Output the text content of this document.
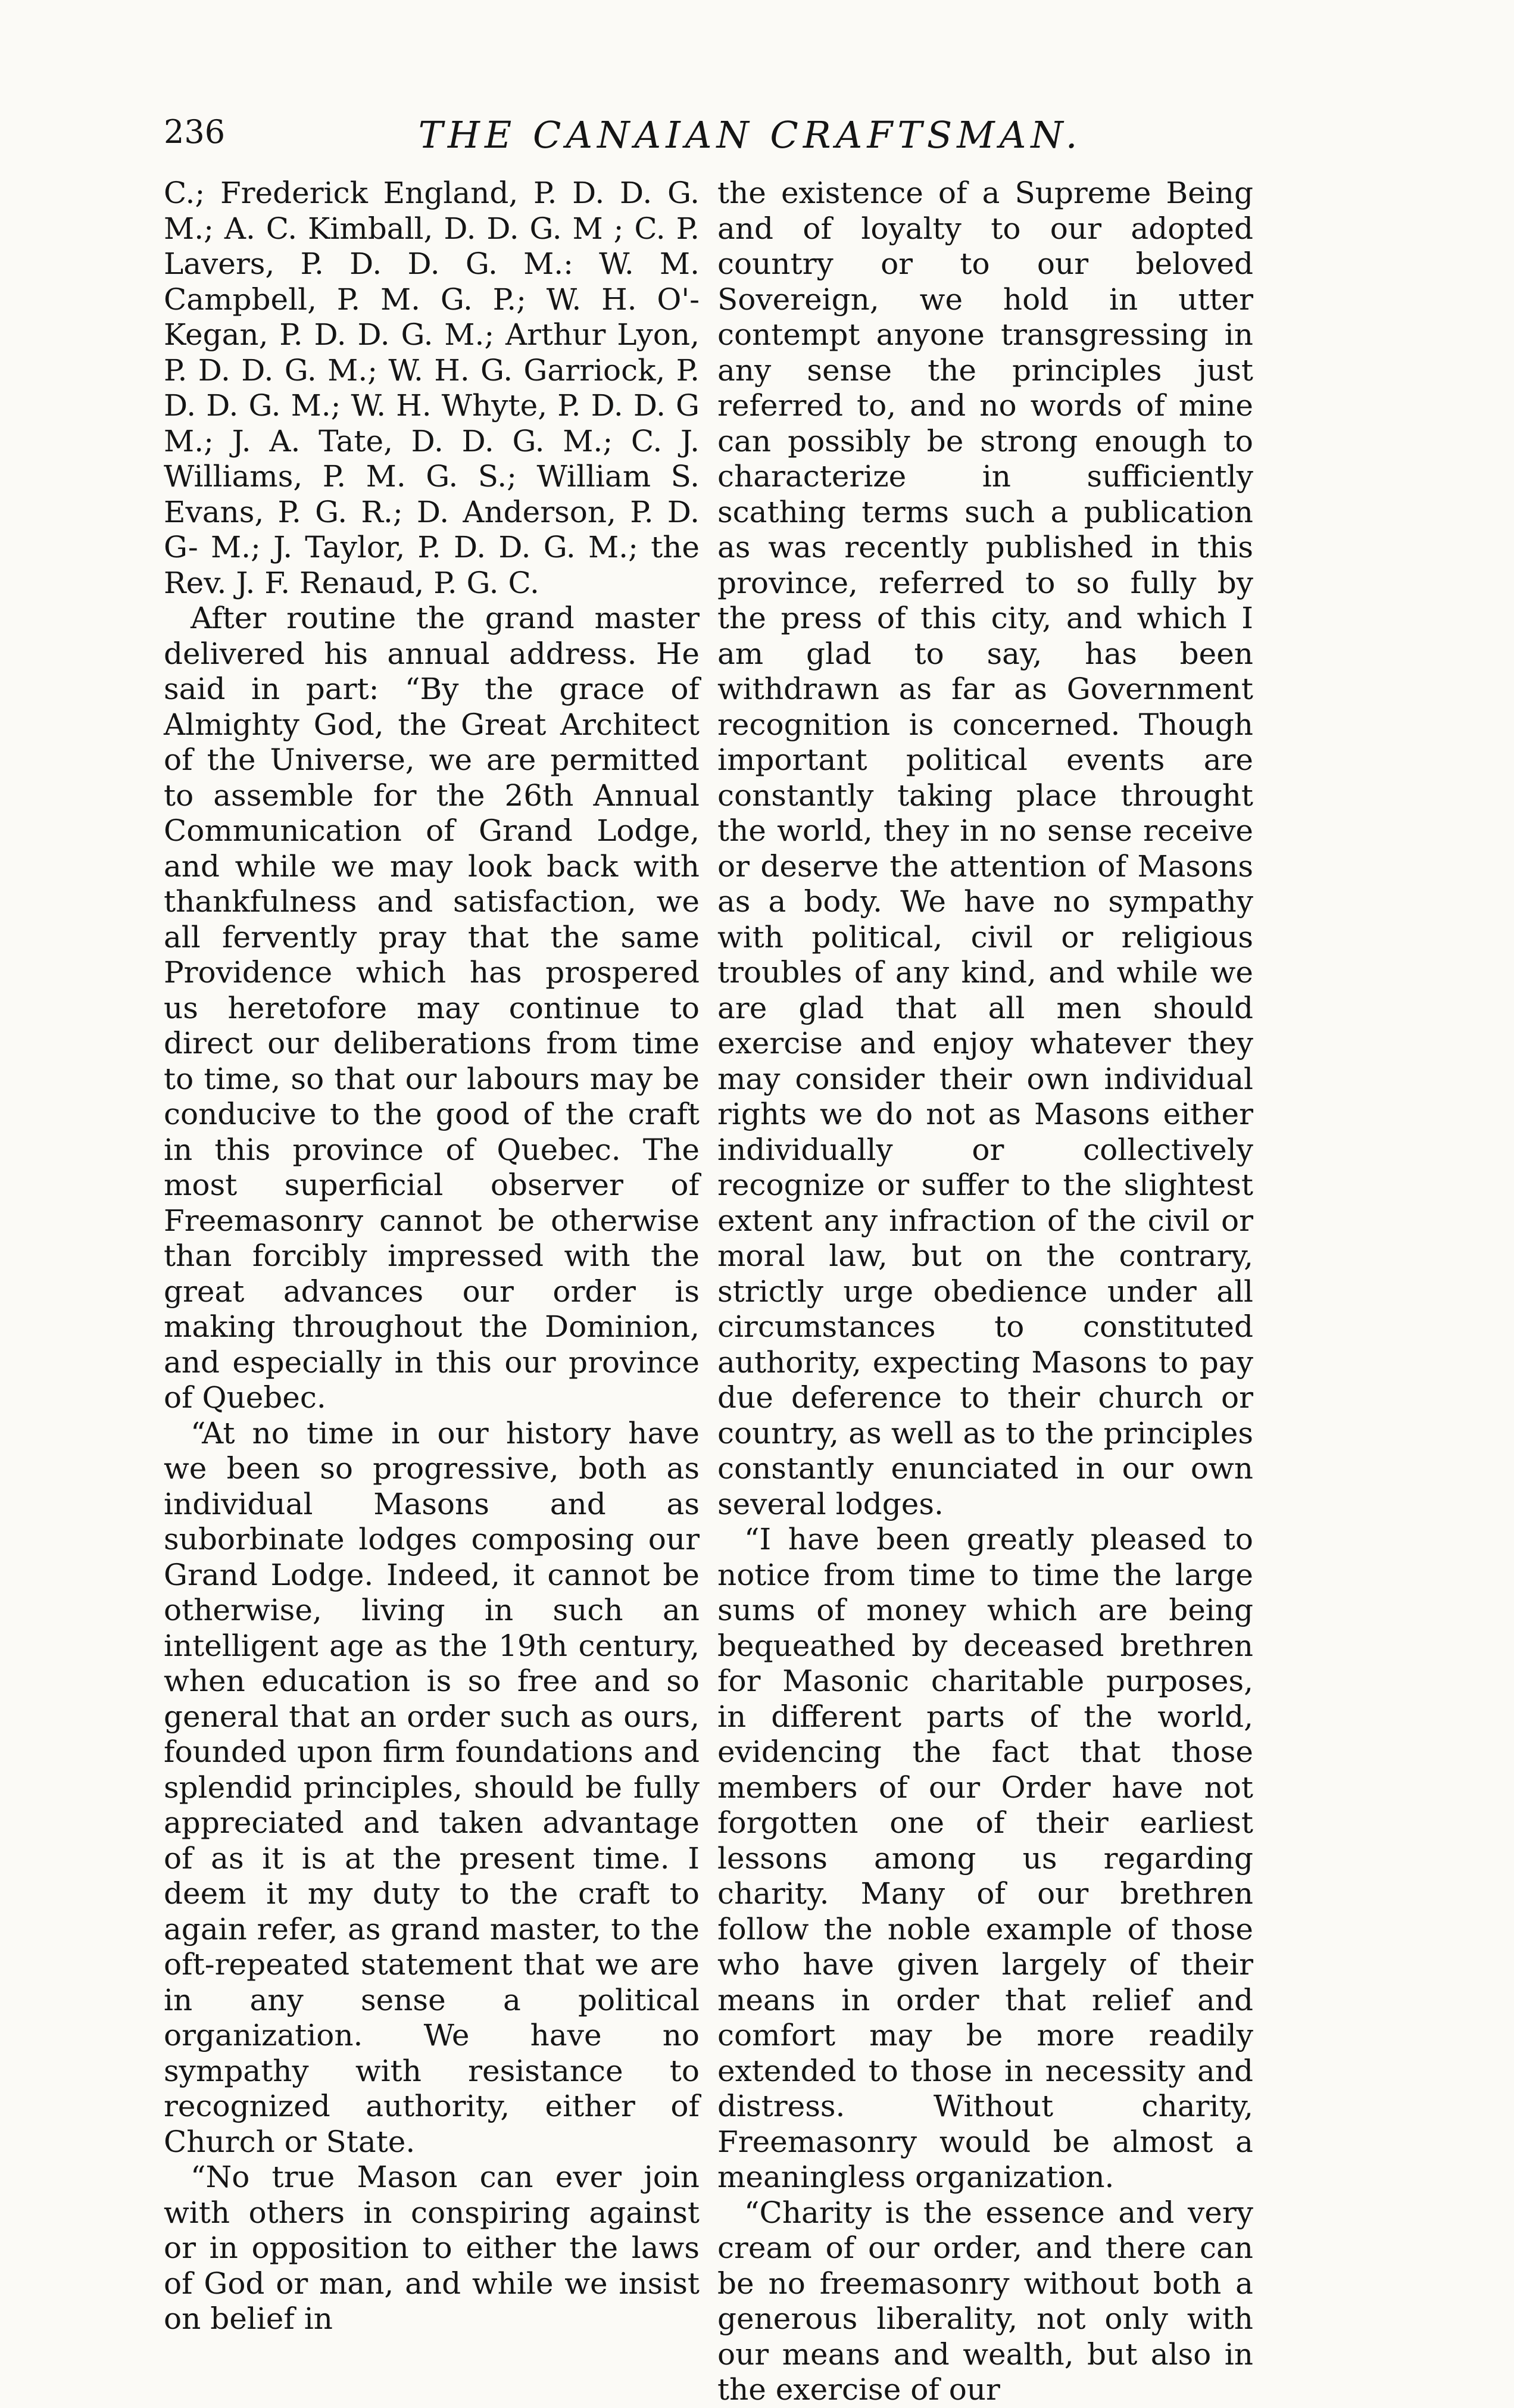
236	THE CANAIAN CRAFTSMAN.

C.; Frederick England, P. D. D. G. M.; A. C. Kimball, D. D. G. M ; C. P. Lavers, P. D. D. G. M.: W. M. Campbell, P. M. G. P.; W. H. O'-Kegan, P. D. D. G. M.; Arthur Lyon, P. D. D. G. M.; W. H. G. Garriock, P. D. D. G. M.; W. H. Whyte, P. D. D. G M.; J. A. Tate, D. D. G. M.; C. J. Williams, P. M. G. S.; William S. Evans, P. G. R.; D. Anderson, P. D. G- M.; J. Taylor, P. D. D. G. M.; the Rev. J. F. Renaud, P. G. C.

After routine the grand master delivered his annual address. He said in part: “By the grace of Almighty God, the Great Architect of the Universe, we are permitted to assemble for the 26th Annual Communication of Grand Lodge, and while we may look back with thankfulness and satisfaction, we all fervently pray that the same Providence which has prospered us heretofore may continue to direct our deliberations from time to time, so that our labours may be conducive to the good of the craft in this province of Quebec. The most superficial observer of Freemasonry cannot be otherwise than forcibly impressed with the great advances our order is making throughout the Dominion, and especially in this our province of Quebec.

“At no time in our history have we been so progressive, both as individual Masons and as suborbinate lodges composing our Grand Lodge. Indeed, it cannot be otherwise, living in such an intelligent age as the 19th century, when education is so free and so general that an order such as ours, founded upon firm foundations and splendid principles, should be fully appreciated and taken advantage of as it is at the present time. I deem it my duty to the craft to again refer, as grand master, to the oft-repeated statement that we are in any sense a political organization. We have no sympathy with resistance to recognized authority, either of Church or State.

“No true Mason can ever join with others in conspiring against or in opposition to either the laws of God or man, and while we insist on belief in

the existence of a Supreme Being and of loyalty to our adopted country or to our beloved Sovereign, we hold in utter contempt anyone transgressing in any sense the principles just referred to, and no words of mine can possibly be strong enough to characterize in sufficiently scathing terms such a publication as was recently published in this province, referred to so fully by the press of this city, and which I am glad to say, has been withdrawn as far as Government recognition is concerned. Though important political events are constantly taking place throught the world, they in no sense receive or deserve the attention of Masons as a body. We have no sympathy with political, civil or religious troubles of any kind, and while we are glad that all men should exercise and enjoy whatever they may consider their own individual rights we do not as Masons either individually or collectively recognize or suffer to the slightest extent any infraction of the civil or moral law, but on the contrary, strictly urge obedience under all circumstances to constituted authority, expecting Masons to pay due deference to their church or country, as well as to the principles constantly enunciated in our own several lodges.

“I have been greatly pleased to notice from time to time the large sums of money which are being bequeathed by deceased brethren for Masonic charitable purposes, in different parts of the world, evidencing the fact that those members of our Order have not forgotten one of their earliest lessons among us regarding charity. Many of our brethren follow the noble example of those who have given largely of their means in order that relief and comfort may be more readily extended to those in necessity and distress. Without charity, Freemasonry would be almost a meaningless organization.

“Charity is the essence and very cream of our order, and there can be no freemasonry without both a generous liberality, not only with our means and wealth, but also in the exercise of our
